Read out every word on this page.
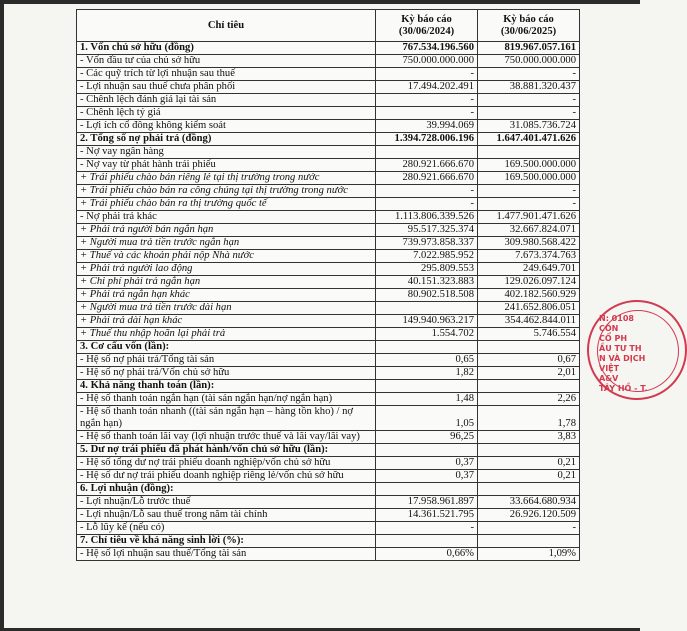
Chỉ tiêu	Kỳ báo cáo (30/06/2024)	Kỳ báo cáo (30/06/2025)
1. Vốn chủ sở hữu (đồng)	767.534.196.560	819.967.057.161
- Vốn đầu tư của chủ sở hữu	750.000.000.000	750.000.000.000
- Các quỹ trích từ lợi nhuận sau thuế	-	-
- Lợi nhuận sau thuế chưa phân phối	17.494.202.491	38.881.320.437
- Chênh lệch đánh giá lại tài sản	-	-
- Chênh lệch tỷ giá	-	-
- Lợi ích cổ đông không kiểm soát	39.994.069	31.085.736.724
2. Tổng số nợ phải trả (đồng)	1.394.728.006.196	1.647.401.471.626
- Nợ vay ngân hàng		
- Nợ vay từ phát hành trái phiếu	280.921.666.670	169.500.000.000
+ Trái phiếu chào bán riêng lẻ tại thị trường trong nước	280.921.666.670	169.500.000.000
+ Trái phiếu chào bán ra công chúng tại thị trường trong nước	-	-
+ Trái phiếu chào bán ra thị trường quốc tế	-	-
- Nợ phải trả khác	1.113.806.339.526	1.477.901.471.626
+ Phải trả người bán ngắn hạn	95.517.325.374	32.667.824.071
+ Người mua trả tiền trước ngắn hạn	739.973.858.337	309.980.568.422
+ Thuế và các khoản phải nộp Nhà nước	7.022.985.952	7.673.374.763
+ Phải trả người lao động	295.809.553	249.649.701
+ Chi phí phải trả ngắn hạn	40.151.323.883	129.026.097.124
+ Phải trả ngắn hạn khác	80.902.518.508	402.182.560.929
+ Người mua trả tiền trước dài hạn		241.652.806.051
+ Phải trả dài hạn khác	149.940.963.217	354.462.844.011
+ Thuế thu nhập hoãn lại phải trả	1.554.702	5.746.554
3. Cơ cấu vốn (lần):		
- Hệ số nợ phải trả/Tổng tài sản	0,65	0,67
- Hệ số nợ phải trả/Vốn chủ sở hữu	1,82	2,01
4. Khả năng thanh toán (lần):		
- Hệ số thanh toán ngắn hạn (tài sản ngắn hạn/nợ ngắn hạn)	1,48	2,26
- Hệ số thanh toán nhanh ((tài sản ngắn hạn – hàng tồn kho) / nợ ngắn hạn)	1,05	1,78
- Hệ số thanh toán lãi vay (lợi nhuận trước thuế và lãi vay/lãi vay)	96,25	3,83
5. Dư nợ trái phiếu đã phát hành/vốn chủ sở hữu (lần):		
- Hệ số tổng dư nợ trái phiếu doanh nghiệp/vốn chủ sở hữu	0,37	0,21
- Hệ số dư nợ trái phiếu doanh nghiệp riêng lẻ/vốn chủ sở hữu	0,37	0,21
6. Lợi nhuận (đồng):		
- Lợi nhuận/Lỗ trước thuế	17.958.961.897	33.664.680.934
- Lợi nhuận/Lỗ sau thuế trong năm tài chính	14.361.521.795	26.926.120.509
- Lỗ lũy kế (nếu có)	-	-
7. Chỉ tiêu về khả năng sinh lời (%):		
- Hệ số lợi nhuận sau thuế/Tổng tài sản	0,66%	1,09%
N: 0108
CÔN
CỔ PH
ẦU TƯ TH
N VÀ DỊCH
VIỆT
A&V
TÂY HỒ - T.
